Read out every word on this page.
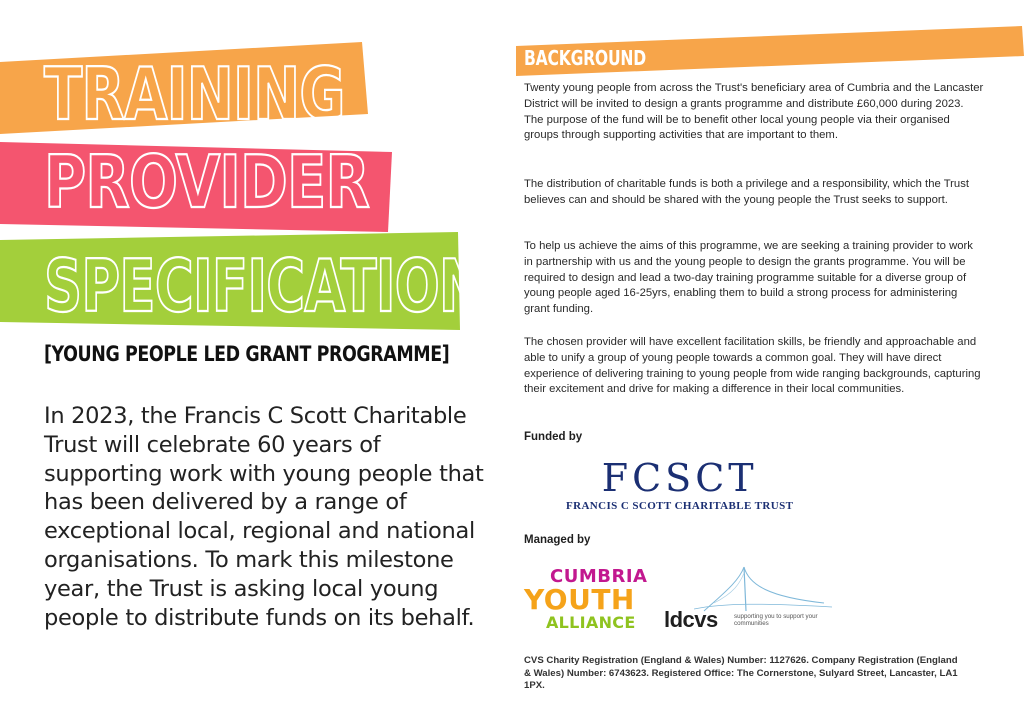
TRAINING
PROVIDER
SPECIFICATION
[YOUNG PEOPLE LED GRANT PROGRAMME]
In 2023, the Francis C Scott Charitable Trust will celebrate 60 years of supporting work with young people that has been delivered by a range of exceptional local, regional and national organisations. To mark this milestone year, the Trust is asking local young people to distribute funds on its behalf.
BACKGROUND
Twenty young people from across the Trust's beneficiary area of Cumbria and the Lancaster District will be invited to design a grants programme and distribute £60,000 during 2023. The purpose of the fund will be to benefit other local young people via their organised groups through supporting activities that are important to them.
The distribution of charitable funds is both a privilege and a responsibility, which the Trust believes can and should be shared with the young people the Trust seeks to support.
To help us achieve the aims of this programme, we are seeking a training provider to work in partnership with us and the young people to design the grants programme. You will be required to design and lead a two-day training programme suitable for a diverse group of young people aged 16-25yrs, enabling them to build a strong process for administering grant funding.
The chosen provider will have excellent facilitation skills, be friendly and approachable and able to unify a group of young people towards a common goal. They will have direct experience of delivering training to young people from wide ranging backgrounds, capturing their excitement and drive for making a difference in their local communities.
Funded by
FCSCT
FRANCIS C SCOTT CHARITABLE TRUST
Managed by
CUMBRIA
YOUTH
ALLIANCE	ldcvs	supporting you to support your communities
CVS Charity Registration (England & Wales) Number: 1127626. Company Registration (England & Wales) Number: 6743623. Registered Office: The Cornerstone, Sulyard Street, Lancaster, LA1 1PX.
